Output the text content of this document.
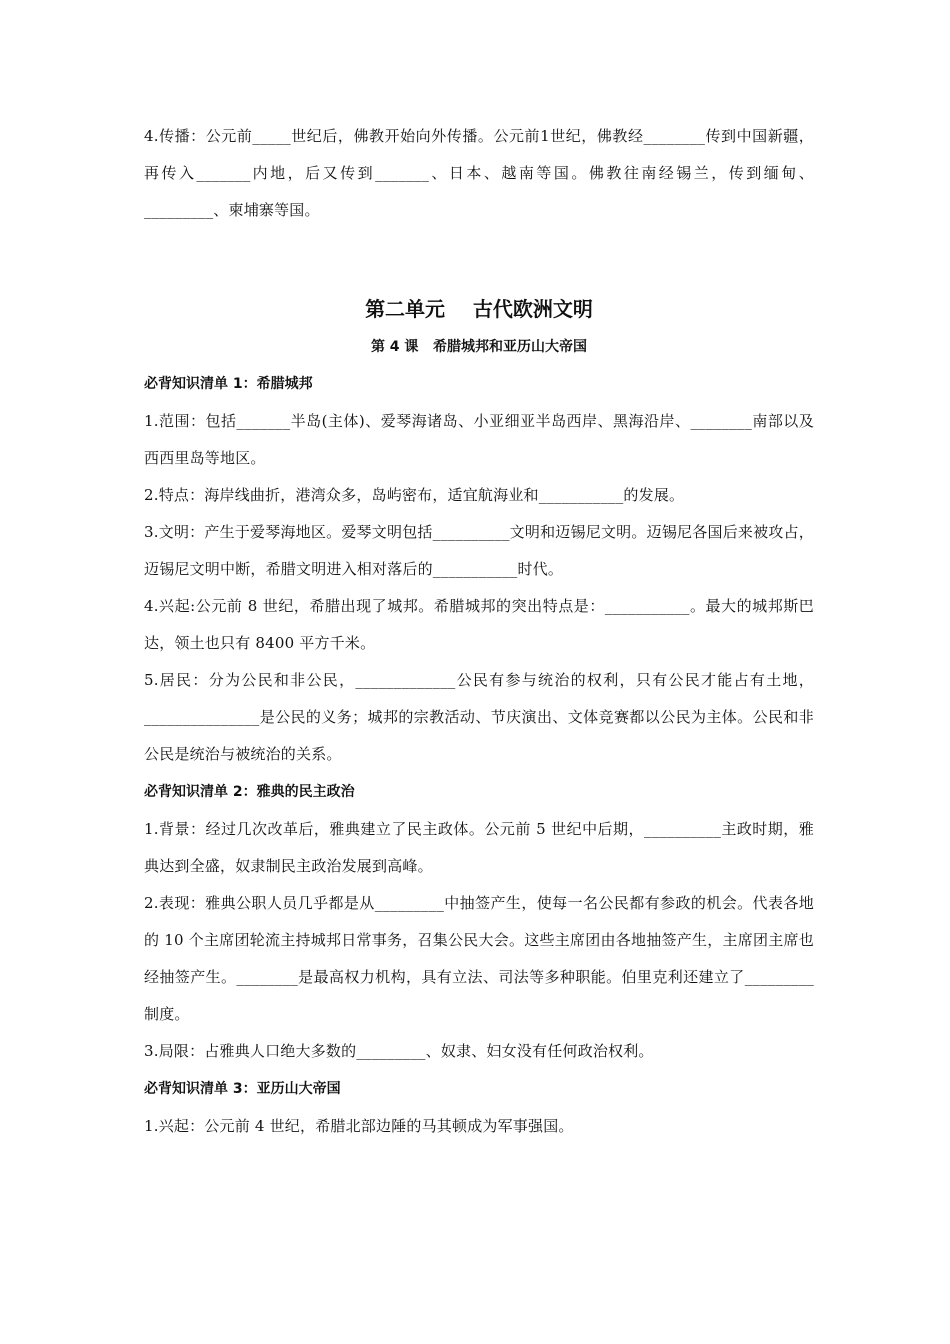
4.传播：公元前_____世纪后，佛教开始向外传播。公元前1世纪，佛教经________传到中国新疆，再传入_______内地，后又传到_______、日本、越南等国。佛教往南经锡兰，传到缅甸、_________、柬埔寨等国。

第二单元    古代欧洲文明

第 4 课   希腊城邦和亚历山大帝国

必背知识清单 1：希腊城邦

1.范围：包括_______半岛(主体)、爱琴海诸岛、小亚细亚半岛西岸、黑海沿岸、________南部以及西西里岛等地区。

2.特点：海岸线曲折，港湾众多，岛屿密布，适宜航海业和___________的发展。

3.文明：产生于爱琴海地区。爱琴文明包括__________文明和迈锡尼文明。迈锡尼各国后来被攻占，迈锡尼文明中断，希腊文明进入相对落后的___________时代。

4.兴起:公元前 8 世纪，希腊出现了城邦。希腊城邦的突出特点是：___________。最大的城邦斯巴达，领土也只有 8400 平方千米。

5.居民：分为公民和非公民，_____________公民有参与统治的权利，只有公民才能占有土地，_______________是公民的义务；城邦的宗教活动、节庆演出、文体竞赛都以公民为主体。公民和非公民是统治与被统治的关系。

必背知识清单 2：雅典的民主政治

1.背景：经过几次改革后，雅典建立了民主政体。公元前 5 世纪中后期，__________主政时期，雅典达到全盛，奴隶制民主政治发展到高峰。

2.表现：雅典公职人员几乎都是从_________中抽签产生，使每一名公民都有参政的机会。代表各地的 10 个主席团轮流主持城邦日常事务，召集公民大会。这些主席团由各地抽签产生，主席团主席也经抽签产生。________是最高权力机构，具有立法、司法等多种职能。伯里克利还建立了_________制度。

3.局限：占雅典人口绝大多数的_________、奴隶、妇女没有任何政治权利。

必背知识清单 3：亚历山大帝国

1.兴起：公元前 4 世纪，希腊北部边陲的马其顿成为军事强国。
